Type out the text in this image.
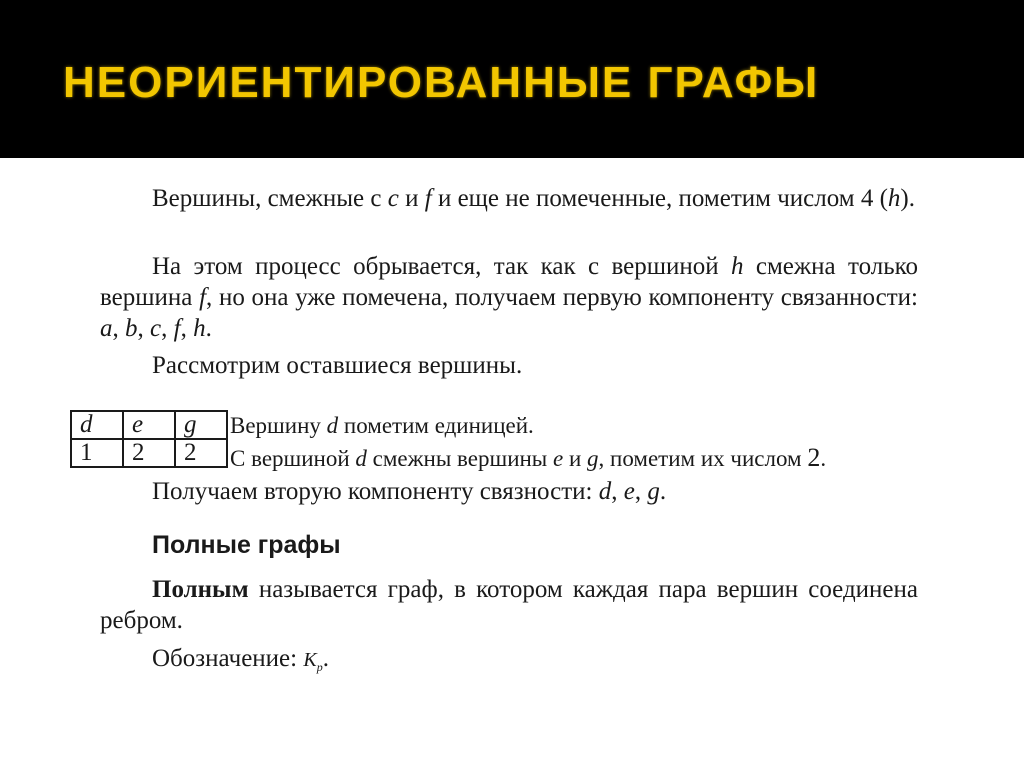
НЕОРИЕНТИРОВАННЫЕ ГРАФЫ

Вершины, смежные с c и f и еще не помеченные, пометим числом 4 (h).

На этом процесс обрывается, так как с вершиной h смежна только вершина f, но она уже помечена, получаем первую компоненту связанности: a, b, c, f, h.

Рассмотрим оставшиеся вершины.

d	e	g
1	2	2

Вершину d пометим единицей.

С вершиной d смежны вершины e и g, пометим их числом 2.

Получаем вторую компоненту связности: d, e, g.

Полные графы

Полным называется граф, в котором каждая пара вершин соединена ребром.

Обозначение: $K_p$.
